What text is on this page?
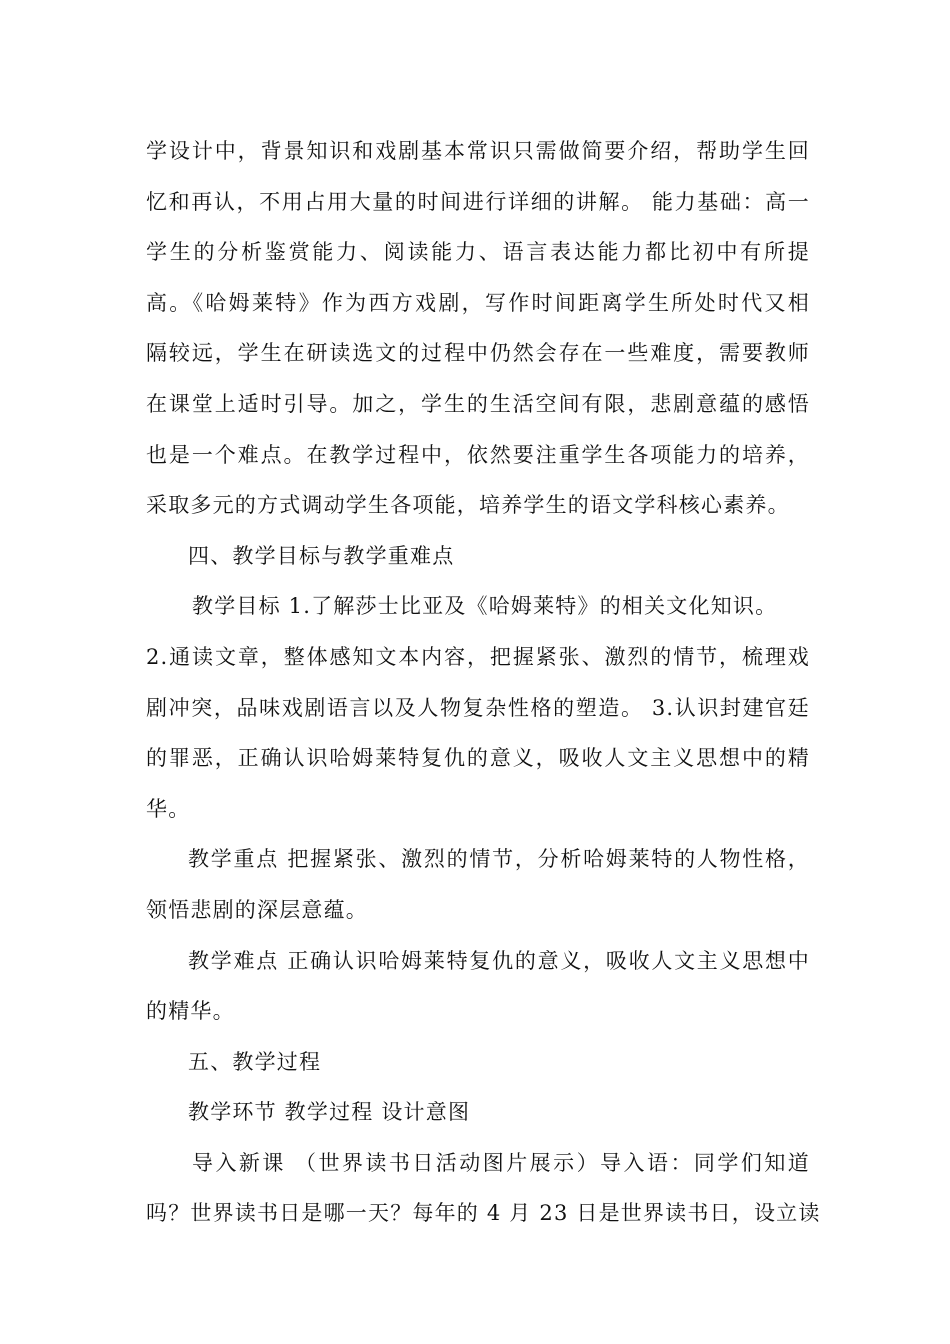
学设计中，背景知识和戏剧基本常识只需做简要介绍，帮助学生回
忆和再认，不用占用大量的时间进行详细的讲解。 能力基础：高一
学生的分析鉴赏能力、阅读能力、语言表达能力都比初中有所提
高。《哈姆莱特》作为西方戏剧，写作时间距离学生所处时代又相
隔较远，学生在研读选文的过程中仍然会存在一些难度，需要教师
在课堂上适时引导。加之，学生的生活空间有限，悲剧意蕴的感悟
也是一个难点。在教学过程中，依然要注重学生各项能力的培养，
采取多元的方式调动学生各项能，培养学生的语文学科核心素养。
四、教学目标与教学重难点
教学目标 1.了解莎士比亚及《哈姆莱特》的相关文化知识。
2.通读文章，整体感知文本内容，把握紧张、激烈的情节，梳理戏
剧冲突，品味戏剧语言以及人物复杂性格的塑造。 3.认识封建官廷
的罪恶，正确认识哈姆莱特复仇的意义，吸收人文主义思想中的精
华。
教学重点 把握紧张、激烈的情节，分析哈姆莱特的人物性格，
领悟悲剧的深层意蕴。
教学难点 正确认识哈姆莱特复仇的意义，吸收人文主义思想中
的精华。
五、教学过程
教学环节 教学过程 设计意图
导入新课 （世界读书日活动图片展示）导入语：同学们知道
吗？世界读书日是哪一天？每年的 4 月 23 日是世界读书日，设立读
